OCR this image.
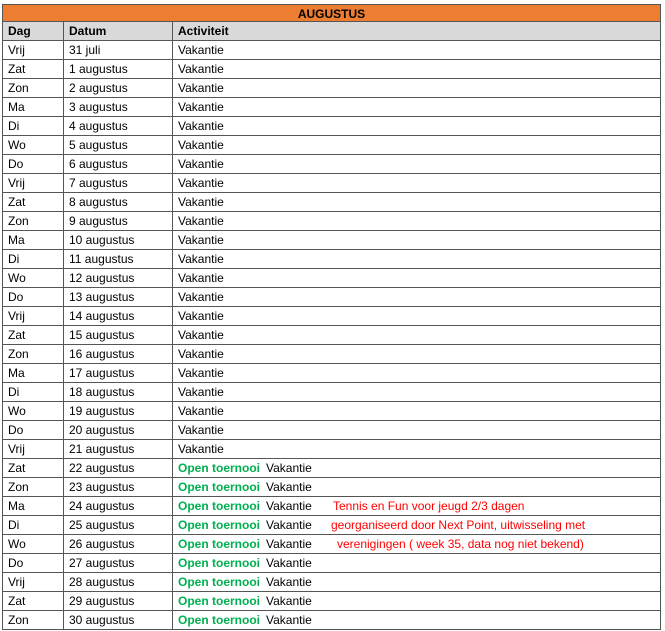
AUGUSTUS
Dag	Datum	Activiteit
Vrij	31 juli	Vakantie
Zat	1 augustus	Vakantie
Zon	2 augustus	Vakantie
Ma	3 augustus	Vakantie
Di	4 augustus	Vakantie
Wo	5 augustus	Vakantie
Do	6 augustus	Vakantie
Vrij	7 augustus	Vakantie
Zat	8 augustus	Vakantie
Zon	9 augustus	Vakantie
Ma	10 augustus	Vakantie
Di	11 augustus	Vakantie
Wo	12 augustus	Vakantie
Do	13 augustus	Vakantie
Vrij	14 augustus	Vakantie
Zat	15 augustus	Vakantie
Zon	16 augustus	Vakantie
Ma	17 augustus	Vakantie
Di	18 augustus	Vakantie
Wo	19 augustus	Vakantie
Do	20 augustus	Vakantie
Vrij	21 augustus	Vakantie
Zat	22 augustus	Open toernooi Vakantie
Zon	23 augustus	Open toernooi Vakantie
Ma	24 augustus	Open toernooi Vakantie Tennis en Fun voor jeugd 2/3 dagen
Di	25 augustus	Open toernooi Vakantie georganiseerd door Next Point, uitwisseling met
Wo	26 augustus	Open toernooi Vakantie verenigingen ( week 35, data nog niet bekend)
Do	27 augustus	Open toernooi Vakantie
Vrij	28 augustus	Open toernooi Vakantie
Zat	29 augustus	Open toernooi Vakantie
Zon	30 augustus	Open toernooi Vakantie
